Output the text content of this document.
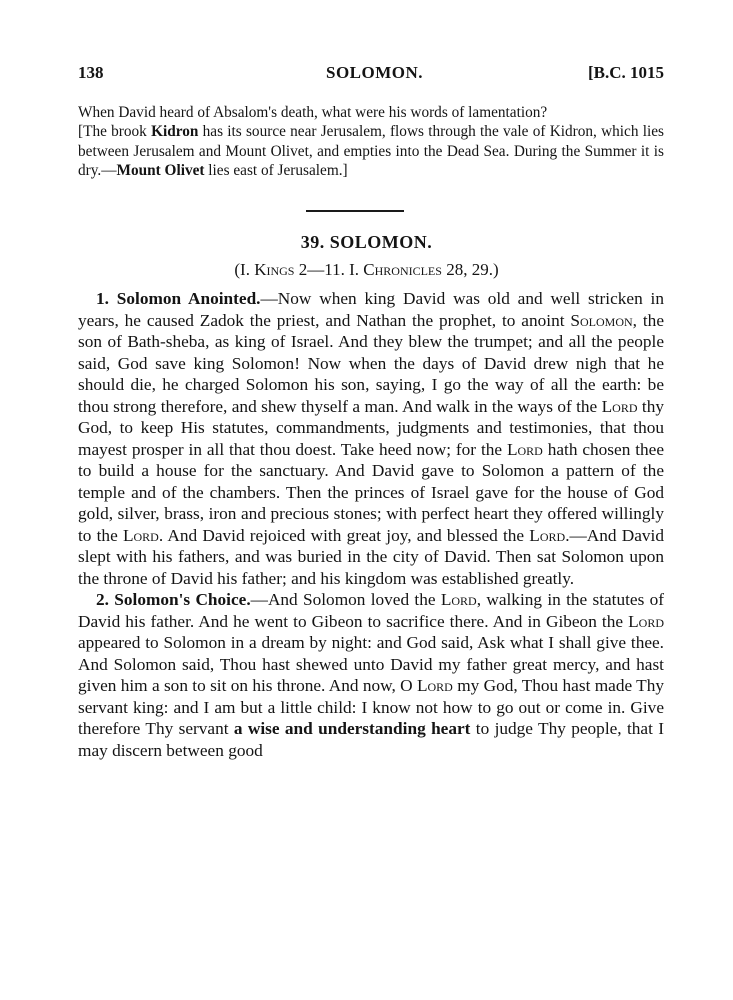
138	SOLOMON.	[B.C. 1015

When David heard of Absalom's death, what were his words of lamentation?

[The brook Kidron has its source near Jerusalem, flows through the vale of Kidron, which lies between Jerusalem and Mount Olivet, and empties into the Dead Sea. During the Summer it is dry.—Mount Olivet lies east of Jerusalem.]

39. SOLOMON.
(I. Kings 2—11. I. Chronicles 28, 29.)

1. Solomon Anointed.—Now when king David was old and well stricken in years, he caused Zadok the priest, and Nathan the prophet, to anoint Solomon, the son of Bath-sheba, as king of Israel. And they blew the trumpet; and all the people said, God save king Solomon! Now when the days of David drew nigh that he should die, he charged Solomon his son, saying, I go the way of all the earth: be thou strong therefore, and shew thyself a man. And walk in the ways of the Lord thy God, to keep His statutes, commandments, judgments and testimonies, that thou mayest prosper in all that thou doest. Take heed now; for the Lord hath chosen thee to build a house for the sanctuary. And David gave to Solomon a pattern of the temple and of the chambers. Then the princes of Israel gave for the house of God gold, silver, brass, iron and precious stones; with perfect heart they offered willingly to the Lord. And David rejoiced with great joy, and blessed the Lord.—And David slept with his fathers, and was buried in the city of David. Then sat Solomon upon the throne of David his father; and his kingdom was established greatly.

2. Solomon's Choice.—And Solomon loved the Lord, walking in the statutes of David his father. And he went to Gibeon to sacrifice there. And in Gibeon the Lord appeared to Solomon in a dream by night: and God said, Ask what I shall give thee. And Solomon said, Thou hast shewed unto David my father great mercy, and hast given him a son to sit on his throne. And now, O Lord my God, Thou hast made Thy servant king: and I am but a little child: I know not how to go out or come in. Give therefore Thy servant a wise and understanding heart to judge Thy people, that I may discern between good
